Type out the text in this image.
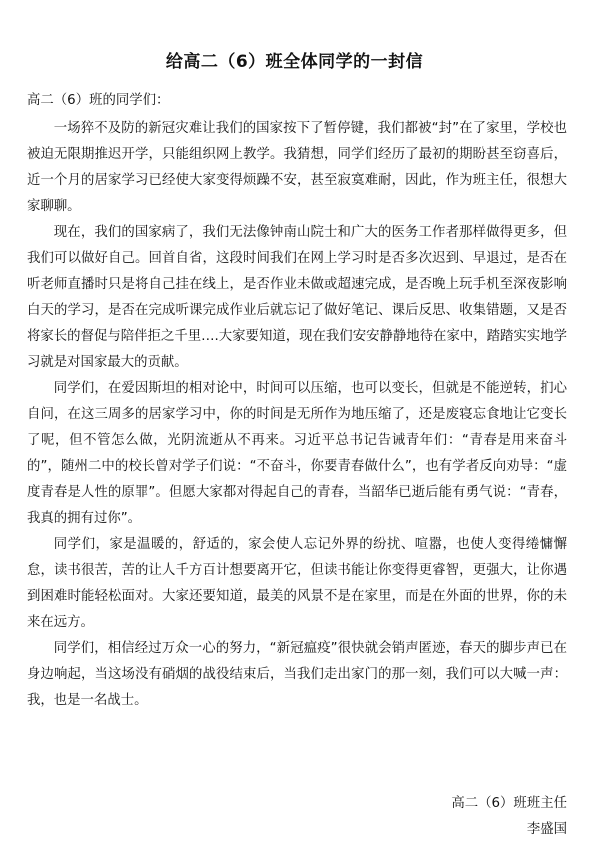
给高二（6）班全体同学的一封信
高二（6）班的同学们：

一场猝不及防的新冠灾难让我们的国家按下了暂停键，我们都被“封”在了家里，学校也被迫无限期推迟开学，只能组织网上教学。我猜想，同学们经历了最初的期盼甚至窃喜后，近一个月的居家学习已经使大家变得烦躁不安，甚至寂寞难耐，因此，作为班主任，很想大家聊聊。

现在，我们的国家病了，我们无法像钟南山院士和广大的医务工作者那样做得更多，但我们可以做好自己。回首自省，这段时间我们在网上学习时是否多次迟到、早退过，是否在听老师直播时只是将自己挂在线上，是否作业未做或超速完成，是否晚上玩手机至深夜影响白天的学习，是否在完成听课完成作业后就忘记了做好笔记、课后反思、收集错题，又是否将家长的督促与陪伴拒之千里….大家要知道，现在我们安安静静地待在家中，踏踏实实地学习就是对国家最大的贡献。

同学们，在爱因斯坦的相对论中，时间可以压缩，也可以变长，但就是不能逆转，扪心自问，在这三周多的居家学习中，你的时间是无所作为地压缩了，还是废寝忘食地让它变长了呢，但不管怎么做，光阴流逝从不再来。习近平总书记告诫青年们：“青春是用来奋斗的”，随州二中的校长曾对学子们说：“不奋斗，你要青春做什么”，也有学者反向劝导：“虚度青春是人性的原罪”。但愿大家都对得起自己的青春，当韶华已逝后能有勇气说：“青春，我真的拥有过你”。

同学们，家是温暖的，舒适的，家会使人忘记外界的纷扰、喧嚣，也使人变得绻慵懈怠，读书很苦，苦的让人千方百计想要离开它，但读书能让你变得更睿智，更强大，让你遇到困难时能轻松面对。大家还要知道，最美的风景不是在家里，而是在外面的世界，你的未来在远方。

同学们，相信经过万众一心的努力，“新冠瘟疫”很快就会销声匿迹，春天的脚步声已在身边响起，当这场没有硝烟的战役结束后，当我们走出家门的那一刻，我们可以大喊一声：我，也是一名战士。

高二（6）班班主任
李盛国
